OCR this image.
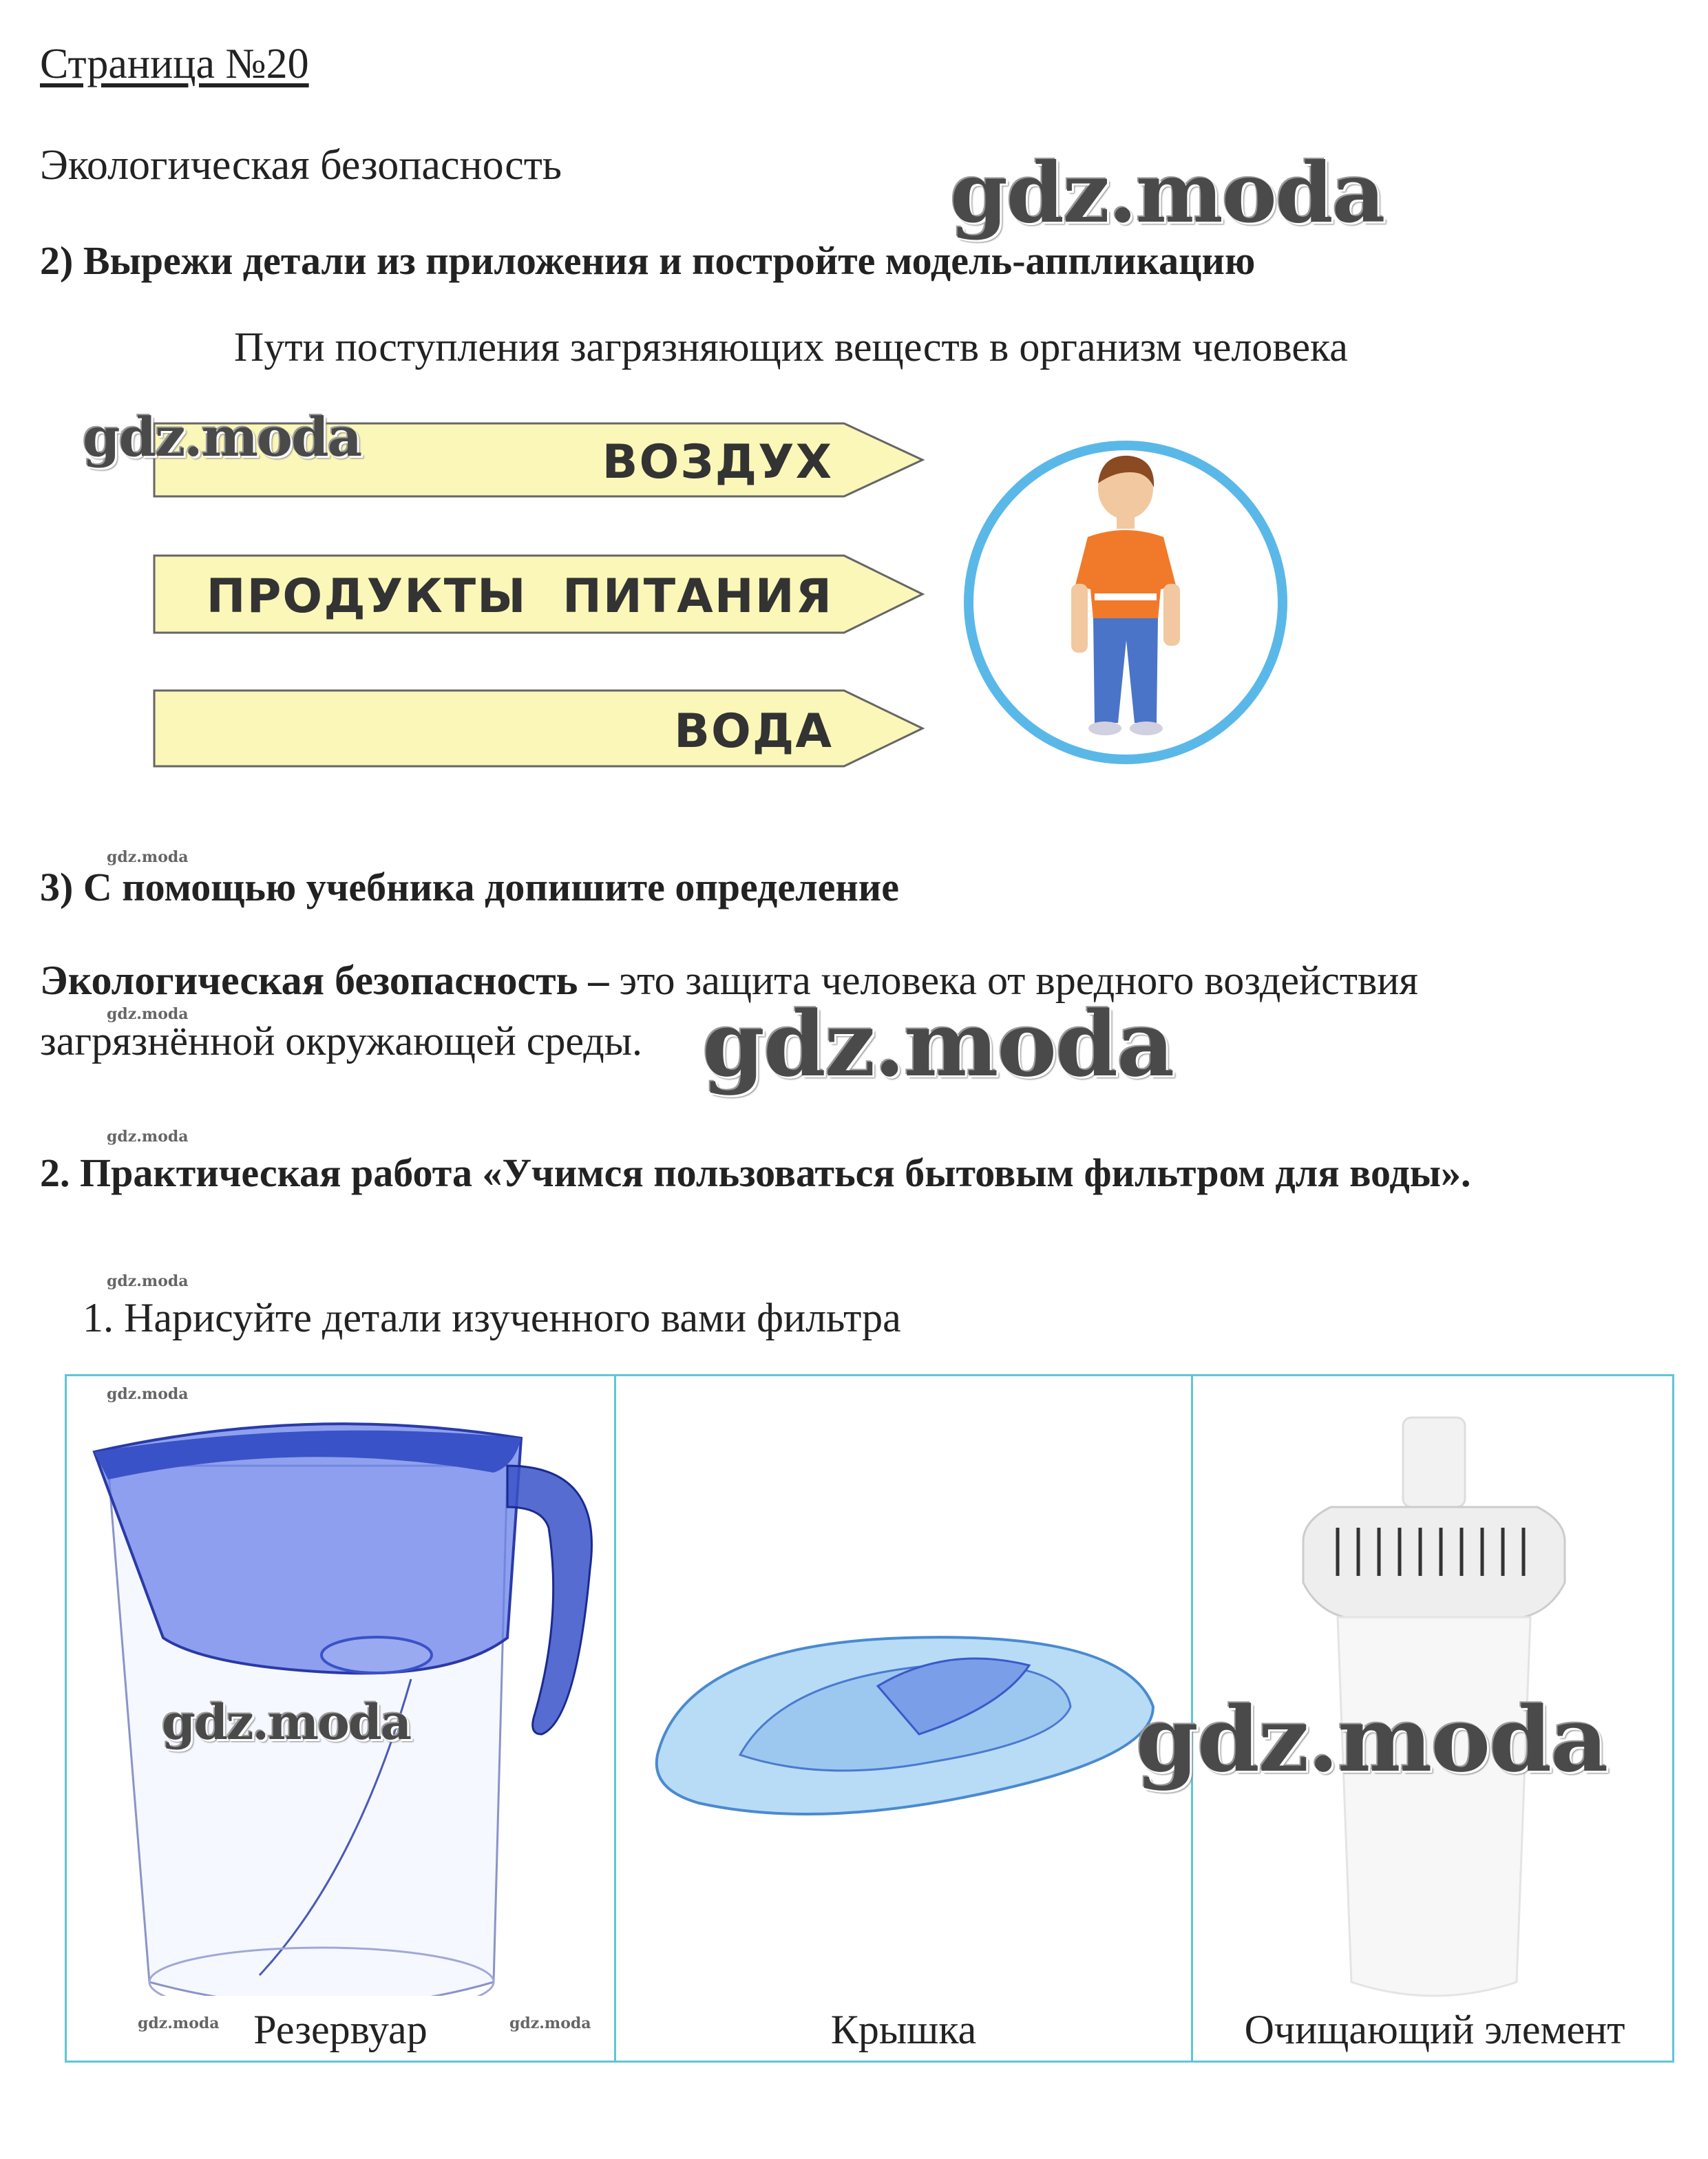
Страница №20
Экологическая безопасность
2) Вырежи детали из приложения и постройте модель-аппликацию
Пути поступления загрязняющих веществ в организм человека
ВОЗДУХ
ПРОДУКТЫ  ПИТАНИЯ
ВОДА
3) С помощью учебника допишите определение
Экологическая безопасность – это защита человека от вредного воздействия загрязнённой окружающей среды.
2. Практическая работа «Учимся пользоваться бытовым фильтром для воды».
1. Нарисуйте детали изученного вами фильтра
Резервуар	Крышка	Очищающий элемент
gdz.moda
gdz.moda
gdz.moda
gdz.moda	gdz.moda
gdz.moda
gdz.moda
gdz.moda
gdz.moda
gdz.moda
gdz.moda	gdz.moda
